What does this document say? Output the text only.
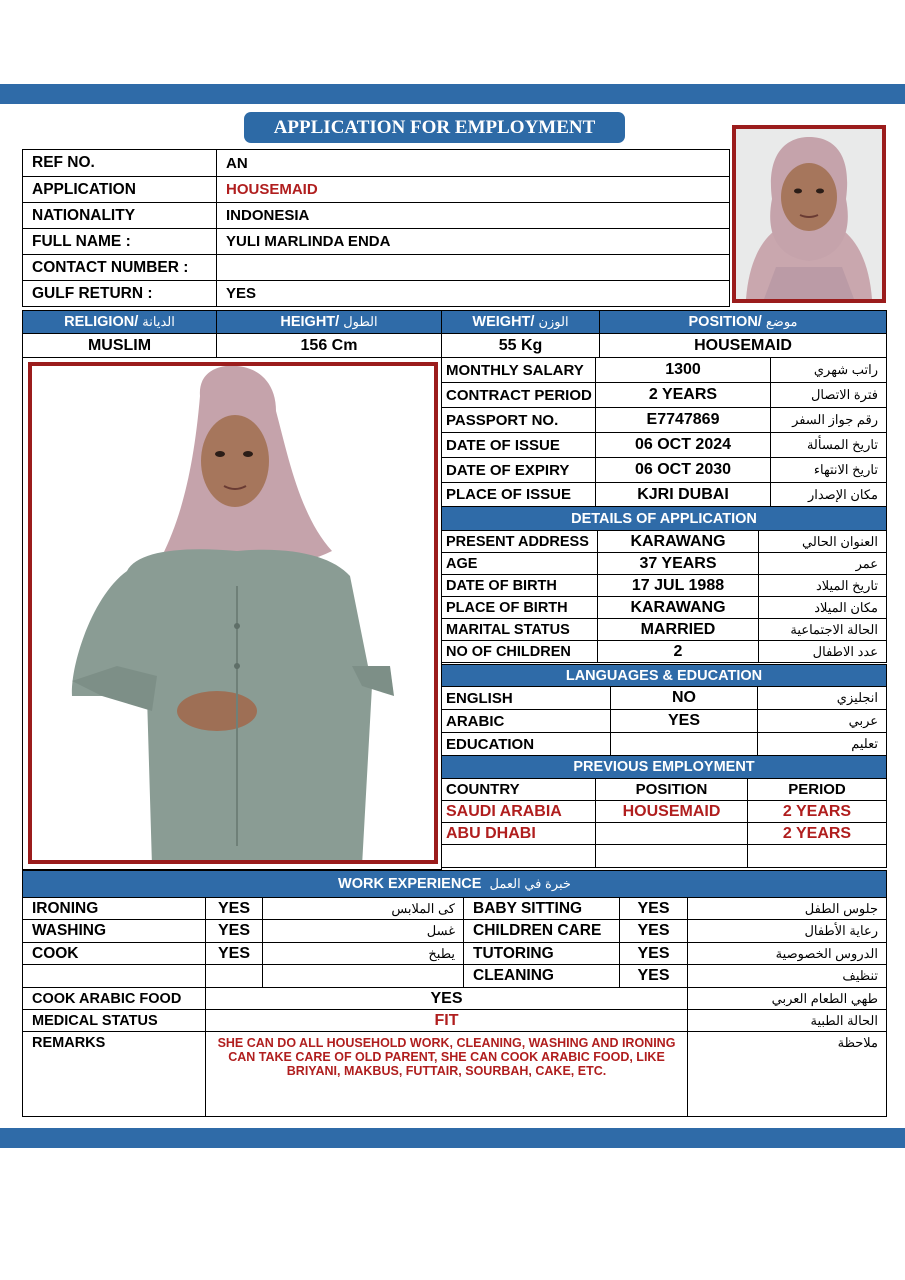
APPLICATION FOR EMPLOYMENT
REF NO.	AN
APPLICATION	HOUSEMAID
NATIONALITY	INDONESIA
FULL NAME :	YULI MARLINDA ENDA
CONTACT NUMBER :	
GULF RETURN :	YES
RELIGION/ الديانة	HEIGHT/ الطول	WEIGHT/ الوزن	POSITION/ موضع
MUSLIM	156 Cm	55 Kg	HOUSEMAID
MONTHLY SALARY	1300	راتب شهري
CONTRACT PERIOD	2 YEARS	فترة الاتصال
PASSPORT NO.	E7747869	رقم جواز السفر
DATE OF ISSUE	06 OCT 2024	تاريخ المسألة
DATE OF EXPIRY	06 OCT 2030	تاريخ الانتهاء
PLACE OF ISSUE	KJRI DUBAI	مكان الإصدار
DETAILS OF APPLICATION		
PRESENT ADDRESS	KARAWANG	العنوان الحالي
AGE	37 YEARS	عمر
DATE OF BIRTH	17 JUL 1988	تاريخ الميلاد
PLACE OF BIRTH	KARAWANG	مكان الميلاد
MARITAL STATUS	MARRIED	الحالة الاجتماعية
NO OF CHILDREN	2	عدد الاطفال
LANGUAGES & EDUCATION		
ENGLISH	NO	انجليزي
ARABIC	YES	عربي
EDUCATION		تعليم
PREVIOUS EMPLOYMENT		
COUNTRY	POSITION	PERIOD
SAUDI ARABIA	HOUSEMAID	2 YEARS
ABU DHABI		2 YEARS

WORK EXPERIENCE خبرة في العمل					
IRONING	YES	كى الملابس	BABY SITTING	YES	جلوس الطفل
WASHING	YES	غسل	CHILDREN CARE	YES	رعاية الأطفال
COOK	YES	يطبخ	TUTORING	YES	الدروس الخصوصية
			CLEANING	YES	تنظيف
COOK ARABIC FOOD	YES				طهي الطعام العربي
MEDICAL STATUS	FIT				الحالة الطبية
REMARKS	SHE CAN DO ALL HOUSEHOLD WORK, CLEANING, WASHING AND IRONING CAN TAKE CARE OF OLD PARENT, SHE CAN COOK ARABIC FOOD, LIKE BRIYANI, MAKBUS, FUTTAIR, SOURBAH, CAKE, ETC.				ملاحظة
